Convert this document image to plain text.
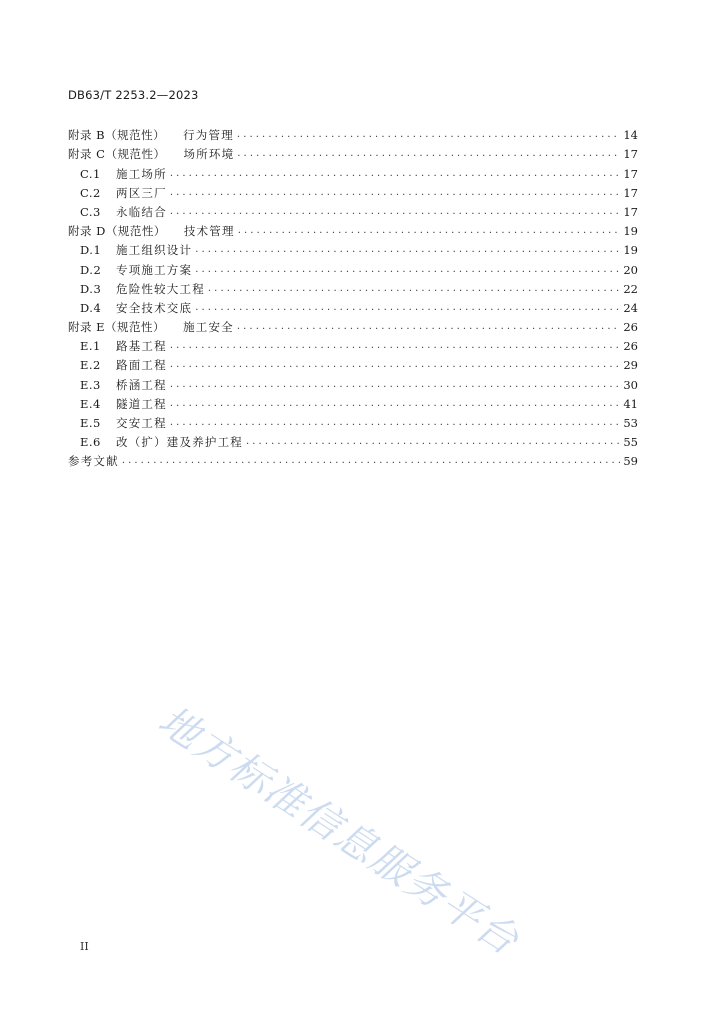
DB63/T 2253.2—2023
附录 B（规范性）	行为管理 .....	14
附录 C（规范性）	场所环境 .....	17
C.1	施工场所 .....	17
C.2	两区三厂 .....	17
C.3	永临结合 .....	17
附录 D（规范性）	技术管理 .....	19
D.1	施工组织设计 .....	19
D.2	专项施工方案 .....	20
D.3	危险性较大工程 .....	22
D.4	安全技术交底 .....	24
附录 E（规范性）	施工安全 .....	26
E.1	路基工程 .....	26
E.2	路面工程 .....	29
E.3	桥涵工程 .....	30
E.4	隧道工程 .....	41
E.5	交安工程 .....	53
E.6	改（扩）建及养护工程 .....	55
参考文献 .....	59
地方标准信息服务平台
II
